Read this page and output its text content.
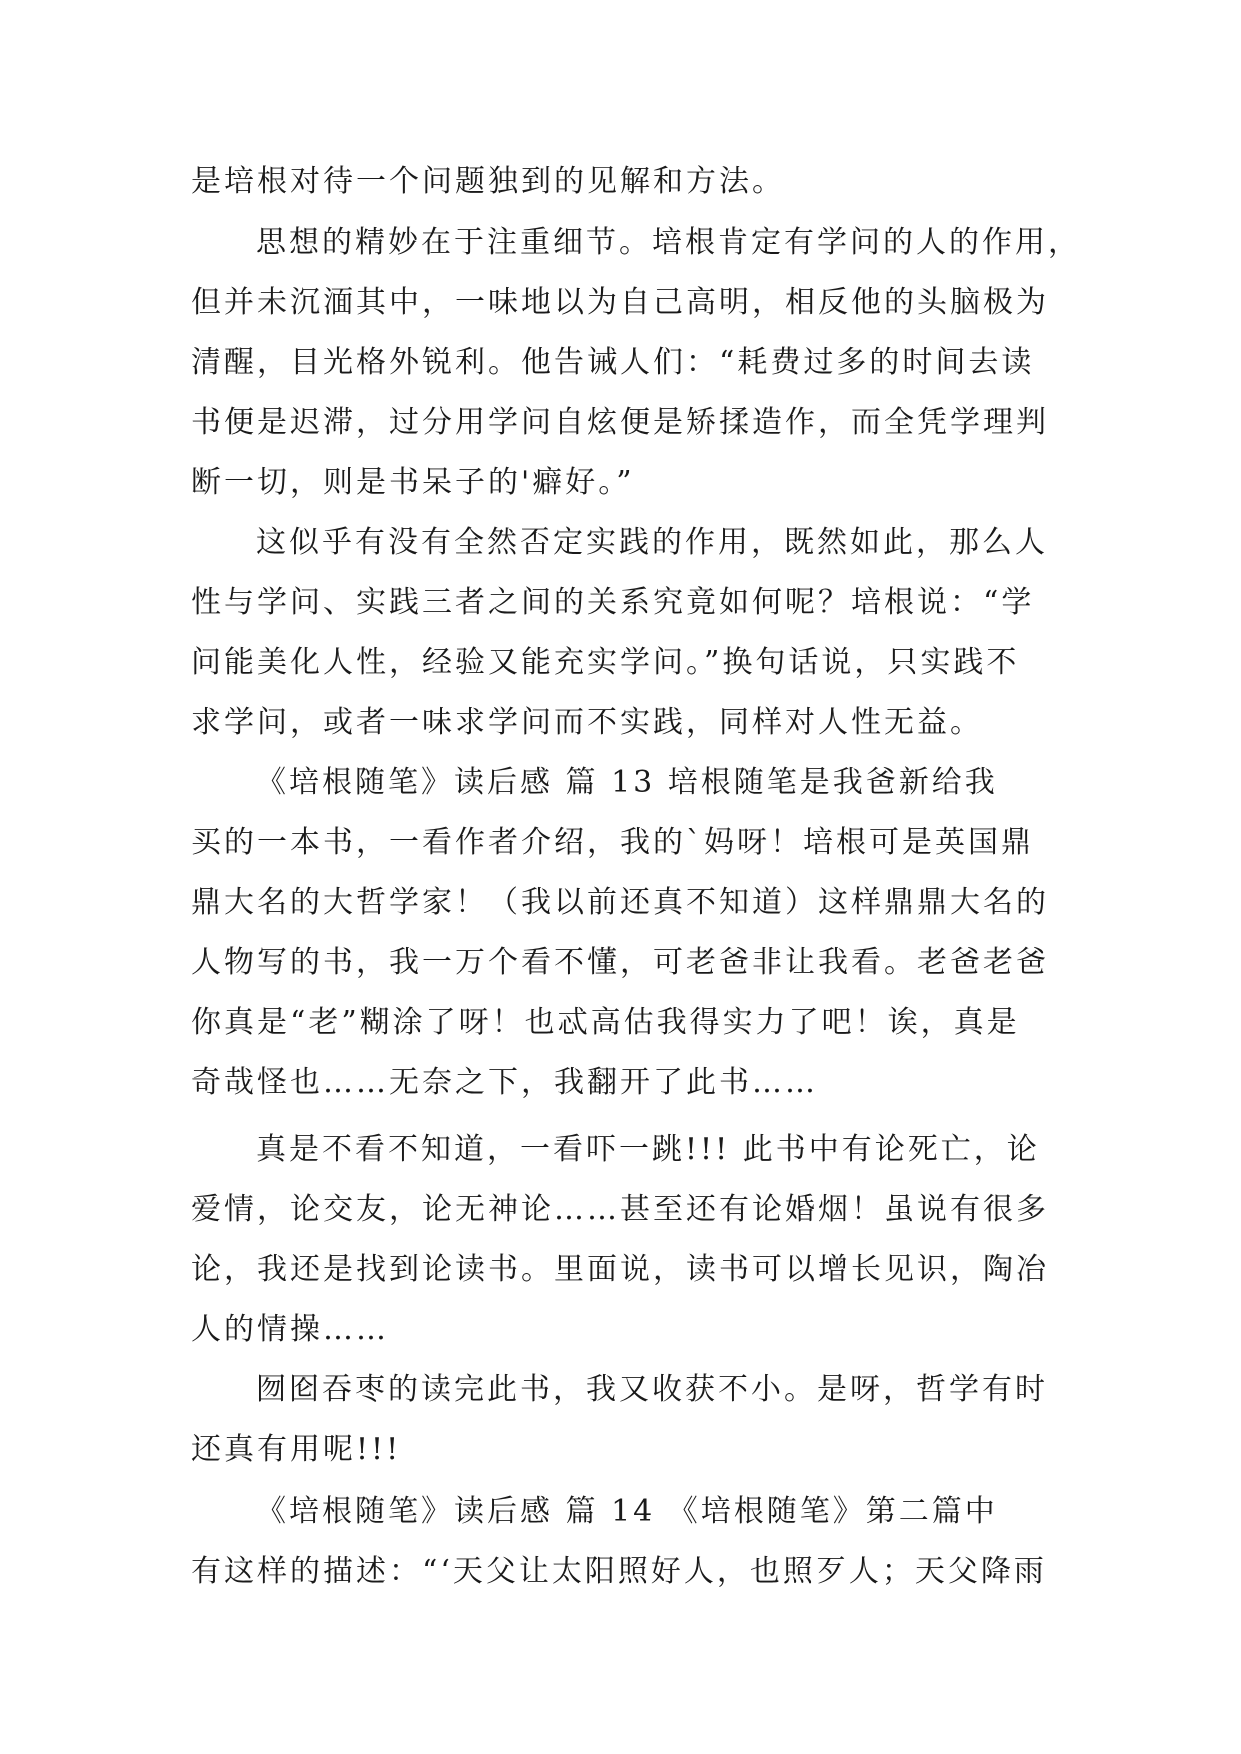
是培根对待一个问题独到的见解和方法。
思想的精妙在于注重细节。培根肯定有学问的人的作用，
但并未沉湎其中，一味地以为自己高明，相反他的头脑极为
清醒，目光格外锐利。他告诫人们：“耗费过多的时间去读
书便是迟滞，过分用学问自炫便是矫揉造作，而全凭学理判
断一切，则是书呆子的'癖好。”
这似乎有没有全然否定实践的作用，既然如此，那么人
性与学问、实践三者之间的关系究竟如何呢？培根说：“学
问能美化人性，经验又能充实学问。”换句话说，只实践不
求学问，或者一味求学问而不实践，同样对人性无益。
《培根随笔》读后感 篇 13 培根随笔是我爸新给我
买的一本书，一看作者介绍，我的`妈呀！培根可是英国鼎
鼎大名的大哲学家！（我以前还真不知道）这样鼎鼎大名的
人物写的书，我一万个看不懂，可老爸非让我看。老爸老爸
你真是“老”糊涂了呀！也忒高估我得实力了吧！诶，真是
奇哉怪也……无奈之下，我翻开了此书……
真是不看不知道，一看吓一跳!!! 此书中有论死亡，论
爱情，论交友，论无神论……甚至还有论婚烟！虽说有很多
论，我还是找到论读书。里面说，读书可以增长见识，陶冶
人的情操……
囫囵吞枣的读完此书，我又收获不小。是呀，哲学有时
还真有用呢!!!
《培根随笔》读后感 篇 14 《培根随笔》第二篇中
有这样的描述：“‘天父让太阳照好人，也照歹人；天父降雨
